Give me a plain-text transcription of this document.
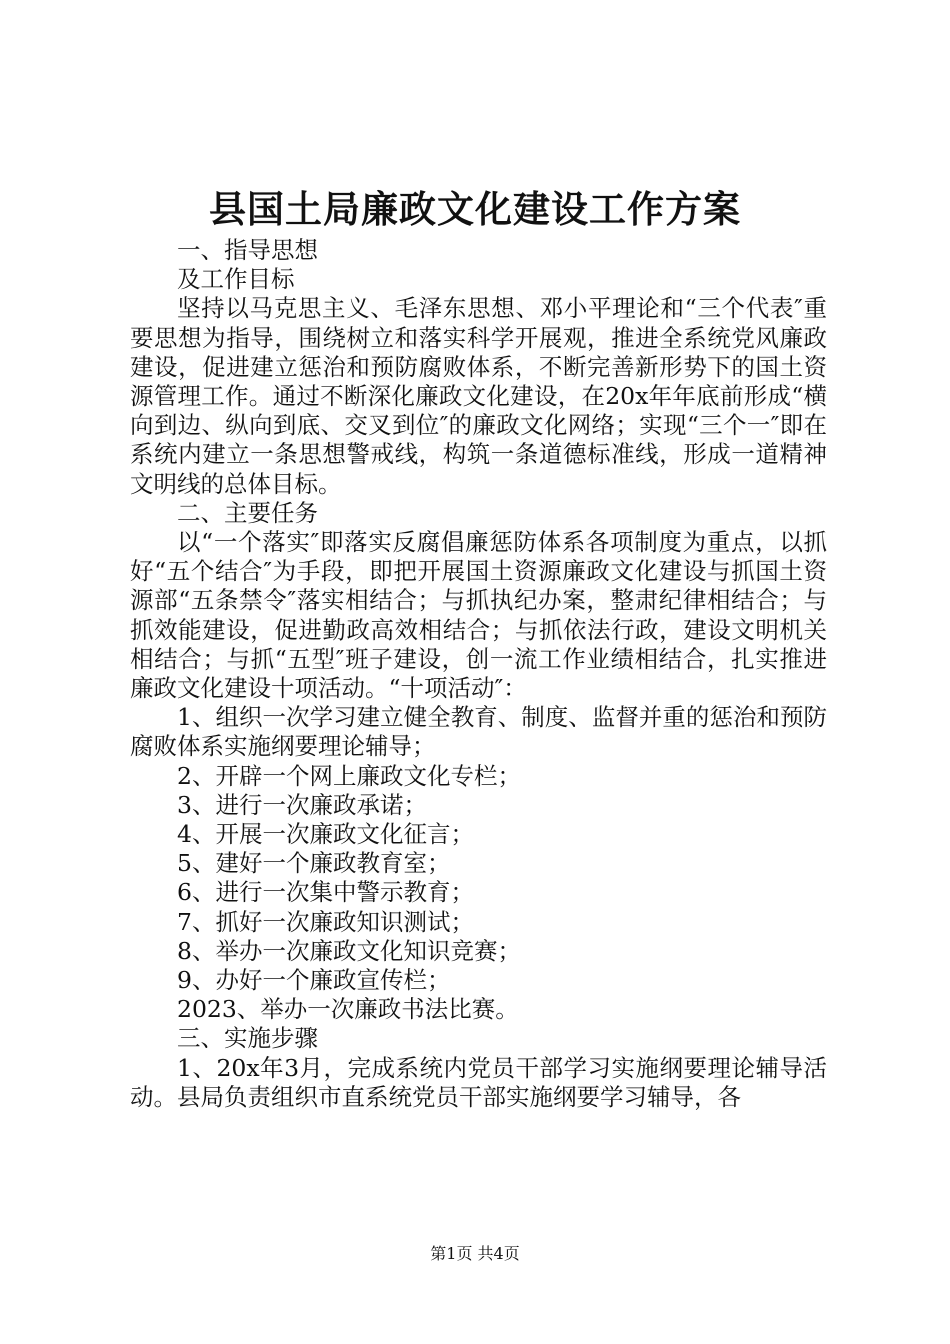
县国土局廉政文化建设工作方案

一、指导思想

及工作目标

坚持以马克思主义、毛泽东思想、邓小平理论和“三个代表″重要思想为指导，围绕树立和落实科学开展观，推进全系统党风廉政建设，促进建立惩治和预防腐败体系，不断完善新形势下的国土资源管理工作。通过不断深化廉政文化建设，在20x年年底前形成“横向到边、纵向到底、交叉到位″的廉政文化网络；实现“三个一″即在系统内建立一条思想警戒线，构筑一条道德标准线，形成一道精神文明线的总体目标。

二、主要任务

以“一个落实″即落实反腐倡廉惩防体系各项制度为重点，以抓好“五个结合″为手段，即把开展国土资源廉政文化建设与抓国土资源部“五条禁令″落实相结合；与抓执纪办案，整肃纪律相结合；与抓效能建设，促进勤政高效相结合；与抓依法行政，建设文明机关相结合；与抓“五型″班子建设，创一流工作业绩相结合，扎实推进廉政文化建设十项活动。“十项活动″：

1、组织一次学习建立健全教育、制度、监督并重的惩治和预防腐败体系实施纲要理论辅导；

2、开辟一个网上廉政文化专栏；

3、进行一次廉政承诺；

4、开展一次廉政文化征言；

5、建好一个廉政教育室；

6、进行一次集中警示教育；

7、抓好一次廉政知识测试；

8、举办一次廉政文化知识竞赛；

9、办好一个廉政宣传栏；

2023、举办一次廉政书法比赛。

三、实施步骤

1、20x年3月，完成系统内党员干部学习实施纲要理论辅导活动。县局负责组织市直系统党员干部实施纲要学习辅导，各

第1页 共4页
